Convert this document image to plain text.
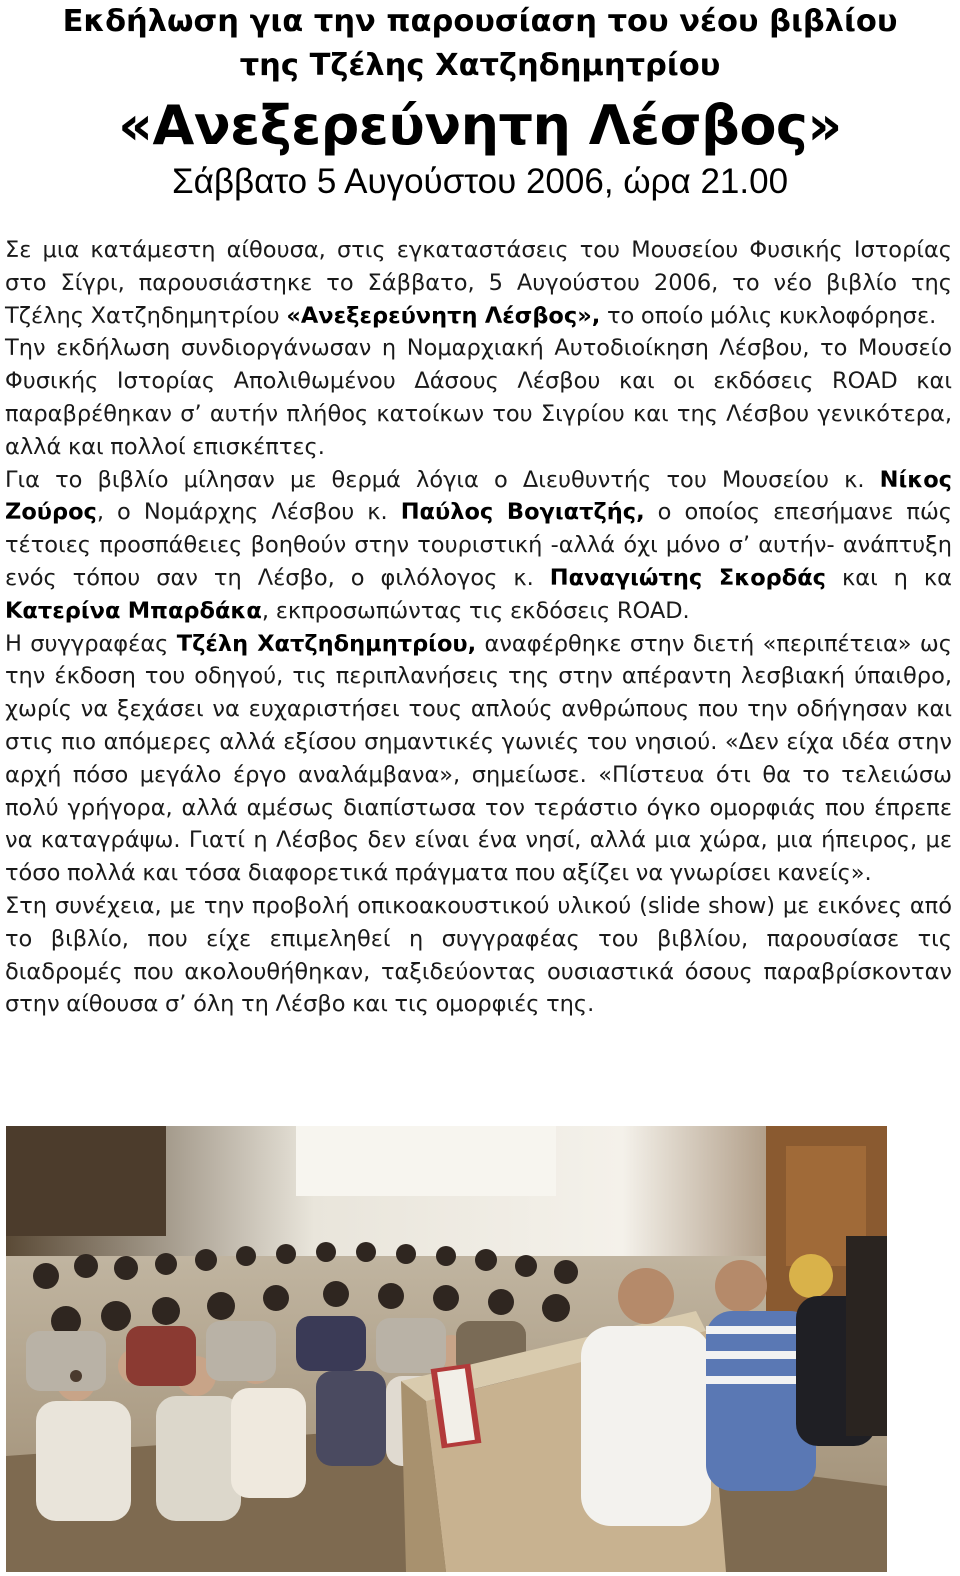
Εκδήλωση για την παρουσίαση του νέου βιβλίου
της Τζέλης Χατζηδημητρίου
«Ανεξερεύνητη Λέσβος»
Σάββατο 5 Αυγούστου 2006, ώρα 21.00

Σε μια κατάμεστη αίθουσα, στις εγκαταστάσεις του Μουσείου Φυσικής Ιστορίας στο Σίγρι, παρουσιάστηκε το Σάββατο, 5 Αυγούστου 2006, το νέο βιβλίο της Τζέλης Χατζηδημητρίου «Ανεξερεύνητη Λέσβος», το οποίο μόλις κυκλοφόρησε.

Την εκδήλωση συνδιοργάνωσαν η Νομαρχιακή Αυτοδιοίκηση Λέσβου, το Μουσείο Φυσικής Ιστορίας Απολιθωμένου Δάσους Λέσβου και οι εκδόσεις ROAD και παραβρέθηκαν σ’ αυτήν πλήθος κατοίκων του Σιγρίου και της Λέσβου γενικότερα, αλλά και πολλοί επισκέπτες.

Για το βιβλίο μίλησαν με θερμά λόγια ο Διευθυντής του Μουσείου κ. Νίκος Ζούρος, ο Νομάρχης Λέσβου κ. Παύλος Βογιατζής, ο οποίος επεσήμανε πώς τέτοιες προσπάθειες βοηθούν στην τουριστική -αλλά όχι μόνο σ’ αυτήν- ανάπτυξη ενός τόπου σαν τη Λέσβο, ο φιλόλογος κ. Παναγιώτης Σκορδάς και η κα Κατερίνα Μπαρδάκα, εκπροσωπώντας τις εκδόσεις ROAD.

Η συγγραφέας Τζέλη Χατζηδημητρίου, αναφέρθηκε στην διετή «περιπέτεια» ως την έκδοση του οδηγού, τις περιπλανήσεις της στην απέραντη λεσβιακή ύπαιθρο, χωρίς να ξεχάσει να ευχαριστήσει τους απλούς ανθρώπους που την οδήγησαν και στις πιο απόμερες αλλά εξίσου σημαντικές γωνιές του νησιού. «Δεν είχα ιδέα στην αρχή πόσο μεγάλο έργο αναλάμβανα», σημείωσε. «Πίστευα ότι θα το τελειώσω πολύ γρήγορα, αλλά αμέσως διαπίστωσα τον τεράστιο όγκο ομορφιάς που έπρεπε να καταγράψω. Γιατί η Λέσβος δεν είναι ένα νησί, αλλά μια χώρα, μια ήπειρος, με τόσο πολλά και τόσα διαφορετικά πράγματα που αξίζει να γνωρίσει κανείς».

Στη συνέχεια, με την προβολή οπικοακουστικού υλικού (slide show) με εικόνες από το βιβλίο, που είχε επιμεληθεί η συγγραφέας του βιβλίου, παρουσίασε τις διαδρομές που ακολουθήθηκαν, ταξιδεύοντας ουσιαστικά όσους παραβρίσκονταν στην αίθουσα σ’ όλη τη Λέσβο και τις ομορφιές της.
